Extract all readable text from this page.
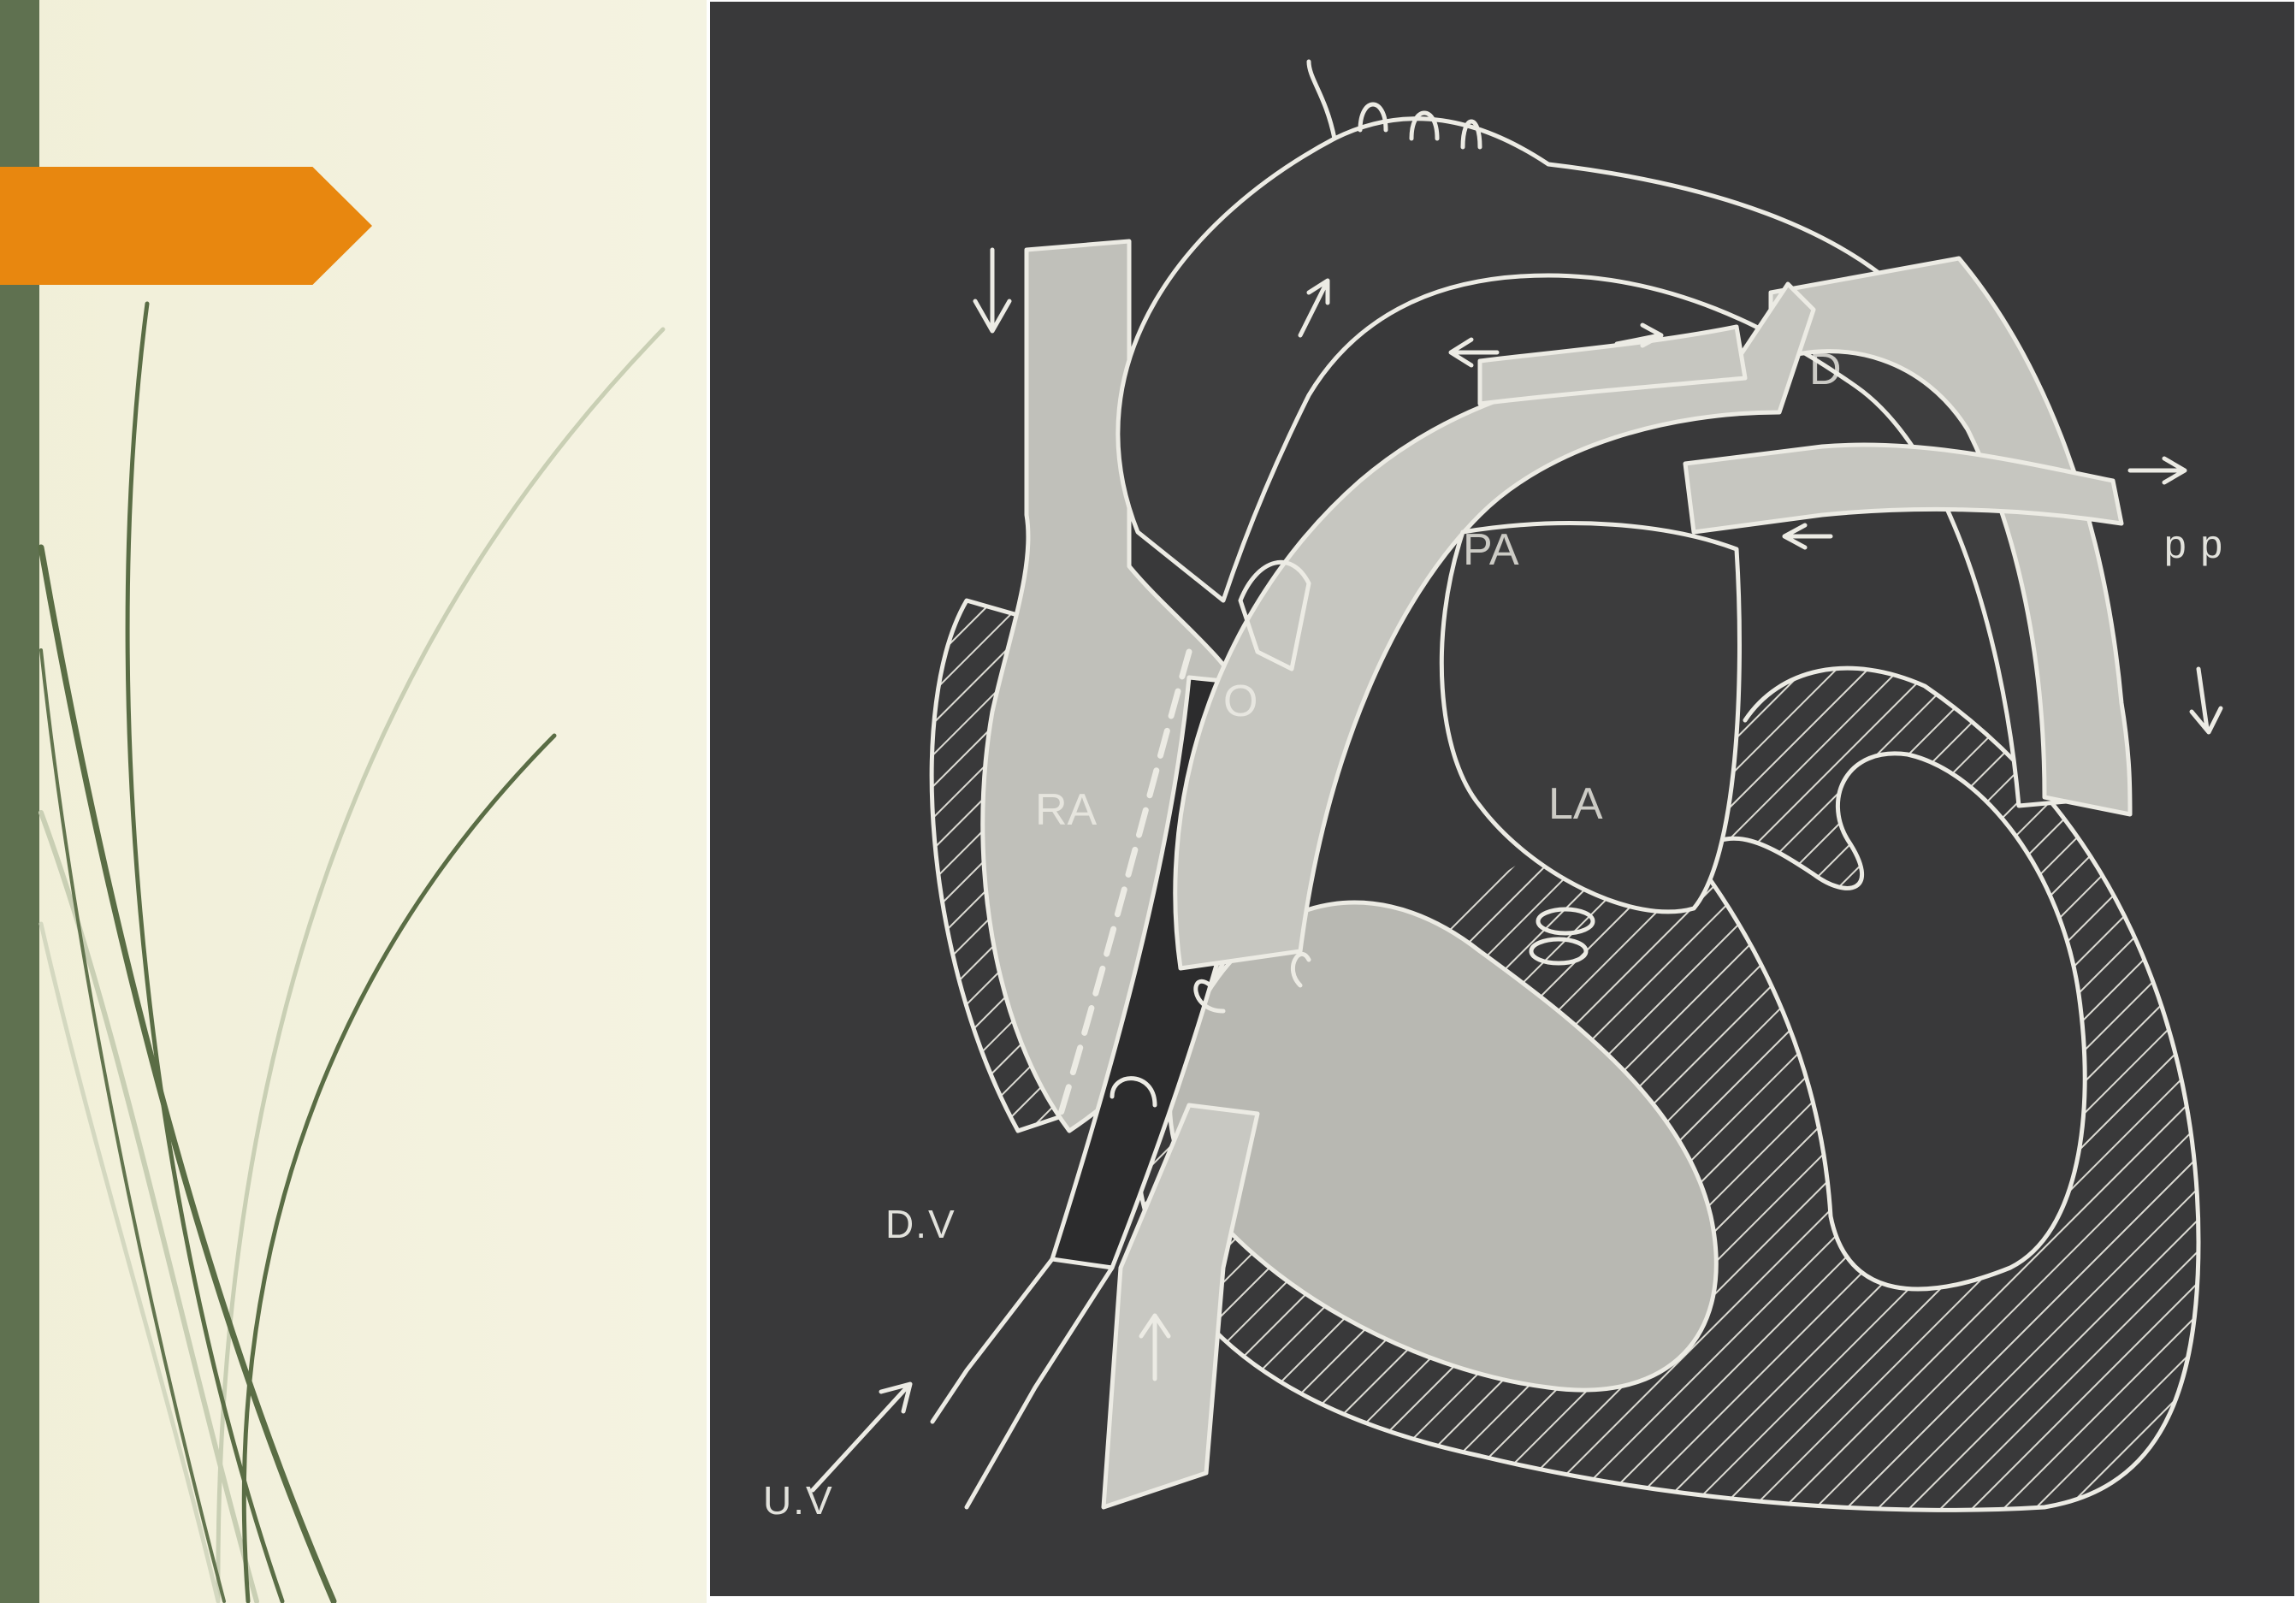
RA	LA
PA
D
O
p p
D.V
U.V
